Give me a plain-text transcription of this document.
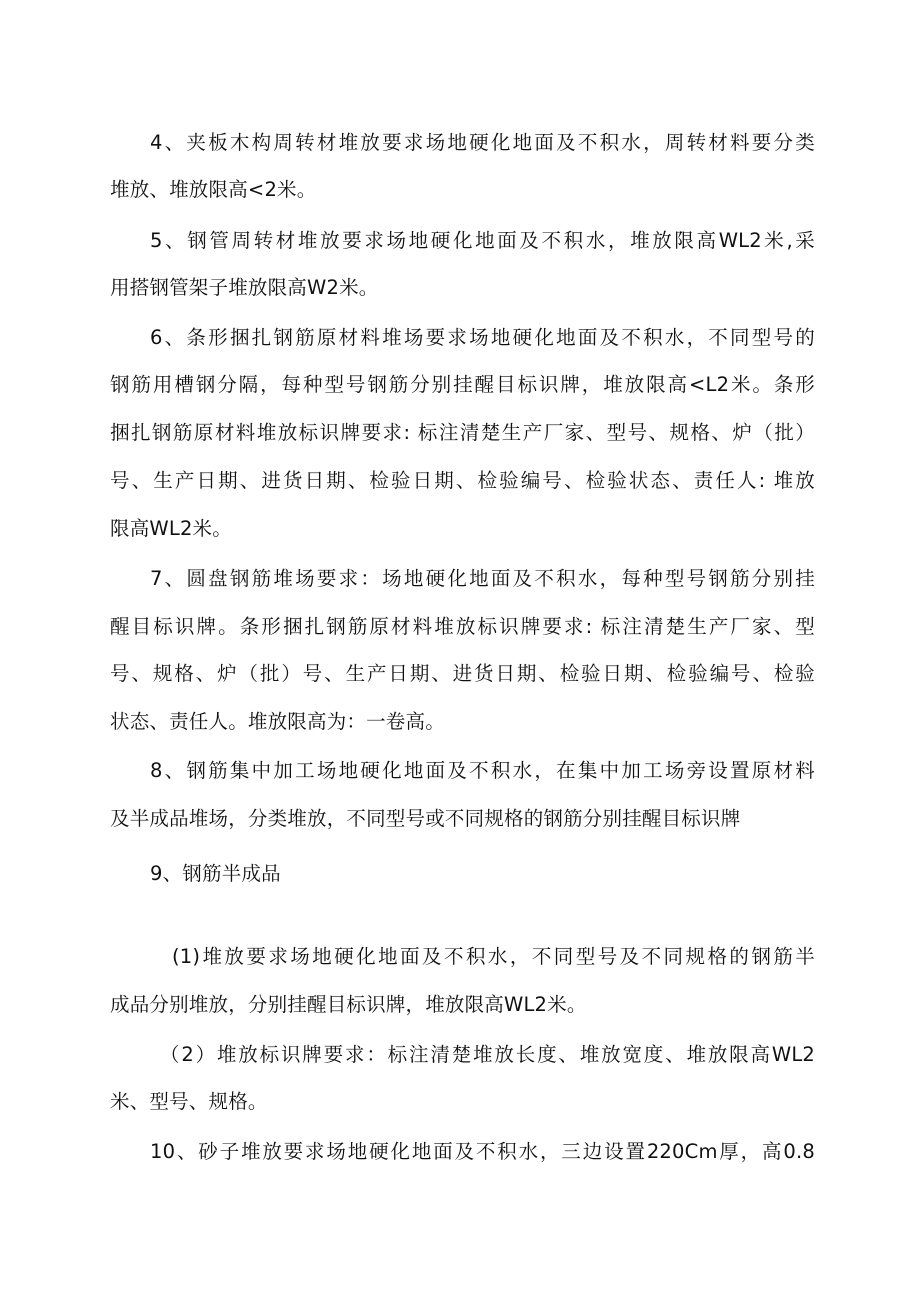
4、夹板木构周转材堆放要求场地硬化地面及不积水，周转材料要分类
堆放、堆放限高<2米。
5、钢管周转材堆放要求场地硬化地面及不积水，堆放限高WL2米,采
用搭钢管架子堆放限高W2米。
6、条形捆扎钢筋原材料堆场要求场地硬化地面及不积水，不同型号的
钢筋用槽钢分隔，每种型号钢筋分别挂醒目标识牌，堆放限高<L2米。条形
捆扎钢筋原材料堆放标识牌要求: 标注清楚生产厂家、型号、规格、炉（批）
号、生产日期、进货日期、检验日期、检验编号、检验状态、责任人: 堆放
限高WL2米。
7、圆盘钢筋堆场要求：场地硬化地面及不积水，每种型号钢筋分别挂
醒目标识牌。条形捆扎钢筋原材料堆放标识牌要求: 标注清楚生产厂家、型
号、规格、炉（批）号、生产日期、进货日期、检验日期、检验编号、检验
状态、责任人。堆放限高为：一卷高。
8、钢筋集中加工场地硬化地面及不积水，在集中加工场旁设置原材料
及半成品堆场，分类堆放，不同型号或不同规格的钢筋分别挂醒目标识牌
9、钢筋半成品
(1)堆放要求场地硬化地面及不积水，不同型号及不同规格的钢筋半
成品分别堆放，分别挂醒目标识牌，堆放限高WL2米。
（2）堆放标识牌要求：标注清楚堆放长度、堆放宽度、堆放限高WL2
米、型号、规格。
10、砂子堆放要求场地硬化地面及不积水，三边设置220Cm厚，高0.8
